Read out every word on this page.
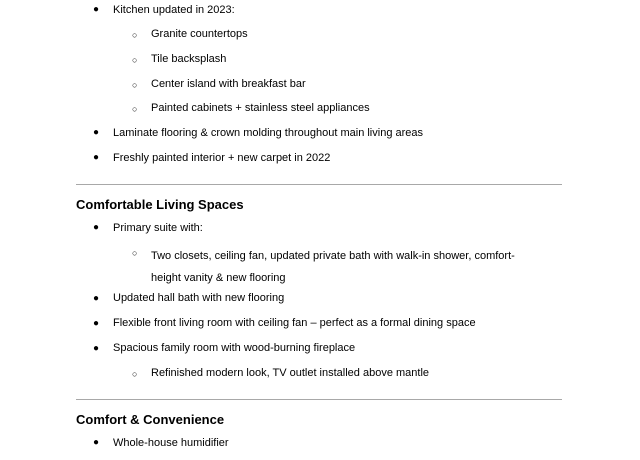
● Kitchen updated in 2023:
○ Granite countertops
○ Tile backsplash
○ Center island with breakfast bar
○ Painted cabinets + stainless steel appliances
● Laminate flooring & crown molding throughout main living areas
● Freshly painted interior + new carpet in 2022
Comfortable Living Spaces
● Primary suite with:
○ Two closets, ceiling fan, updated private bath with walk-in shower, comfort-height vanity & new flooring
● Updated hall bath with new flooring
● Flexible front living room with ceiling fan – perfect as a formal dining space
● Spacious family room with wood-burning fireplace
○ Refinished modern look, TV outlet installed above mantle
Comfort & Convenience
● Whole-house humidifier
